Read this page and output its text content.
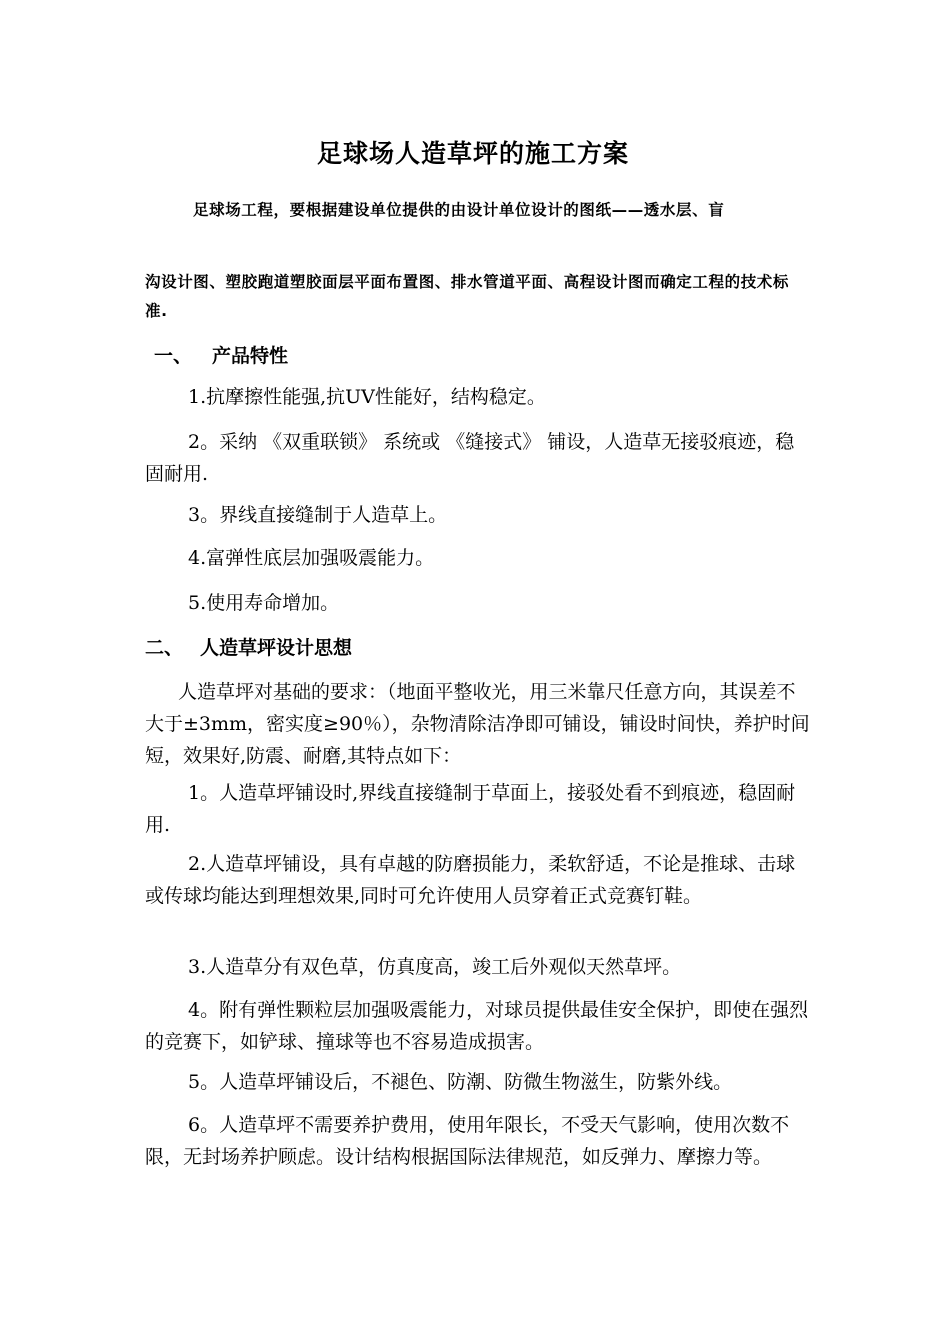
足球场人造草坪的施工方案

足球场工程，要根据建设单位提供的由设计单位设计的图纸——透水层、盲

沟设计图、塑胶跑道塑胶面层平面布置图、排水管道平面、高程设计图而确定工程的技术标准.

一、 产品特性

1.抗摩擦性能强,抗UV性能好，结构稳定。

2。采纳 《双重联锁》 系统或 《缝接式》 铺设，人造草无接驳痕迹，稳固耐用.

3。界线直接缝制于人造草上。

4.富弹性底层加强吸震能力。

5.使用寿命增加。

二、 人造草坪设计思想

人造草坪对基础的要求：（地面平整收光，用三米靠尺任意方向，其误差不大于±3mm，密实度≥90％），杂物清除洁净即可铺设，铺设时间快，养护时间短，效果好,防震、耐磨,其特点如下：

1。人造草坪铺设时,界线直接缝制于草面上，接驳处看不到痕迹，稳固耐用.

2.人造草坪铺设，具有卓越的防磨损能力，柔软舒适，不论是推球、击球或传球均能达到理想效果,同时可允许使用人员穿着正式竞赛钉鞋。

3.人造草分有双色草，仿真度高，竣工后外观似天然草坪。

4。附有弹性颗粒层加强吸震能力，对球员提供最佳安全保护，即使在强烈的竞赛下，如铲球、撞球等也不容易造成损害。

5。人造草坪铺设后，不褪色、防潮、防微生物滋生，防紫外线。

6。人造草坪不需要养护费用，使用年限长，不受天气影响，使用次数不限，无封场养护顾虑。设计结构根据国际法律规范，如反弹力、摩擦力等。
